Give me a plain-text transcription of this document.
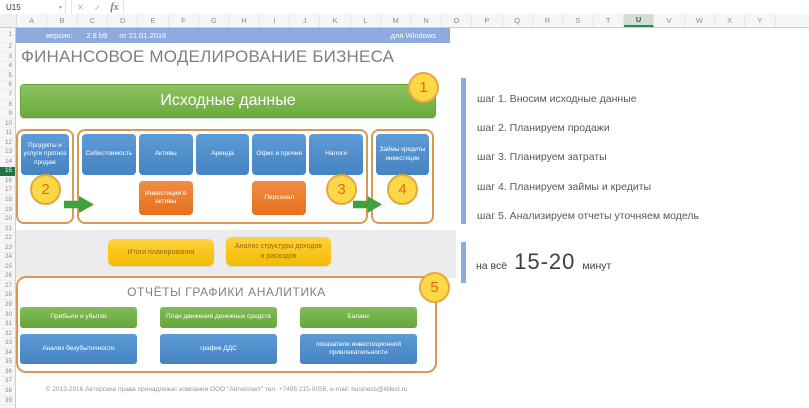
U15	▾	✕	✓ fx
A	B	C	D	E	F	G	H	I	J	K	L	M	N	O	P	Q	R	S	T	U	V	W	X	Y
1
2
3
4
5
6
7
8
9
10
11
12
13
14
15
16
17
18
19
20
21
22
23
24
25
26
27
28
29
30
31
32
33
34
35
36
37
38
39
версия: 2.8 b9 от 21.01.2016	для Windows
ФИНАНСОВОЕ МОДЕЛИРОВАНИЕ БИЗНЕСА
Исходные данные
1
Продукты и услуги прогноз продаж
2
Себестоимость	Активы	Аренда	Офис и прочие	Налоги
Инвестиции в активы
Персонал	3
Займы кредиты инвестиции
4
Итоги планирования
Анализ структуры доходов и расходов
ОТЧЁТЫ ГРАФИКИ АНАЛИТИКА
Прибыли и убытки	План движения денежных средств	Баланс
Анализ безубыточности	график ДДС
показатели инвестиционной привлекательности
5
© 2013-2016 Авторские права принадлежат компании ООО "Айтиллект" тел. +7495 215-0056, e-mail: business@itillect.ru
шаг 1. Вносим исходные данные
шаг 2. Планируем продажи
шаг 3. Планируем затраты
шаг 4. Планируем займы и кредиты
шаг 5. Анализируем отчеты уточняем модель
на всё 15-20 минут
